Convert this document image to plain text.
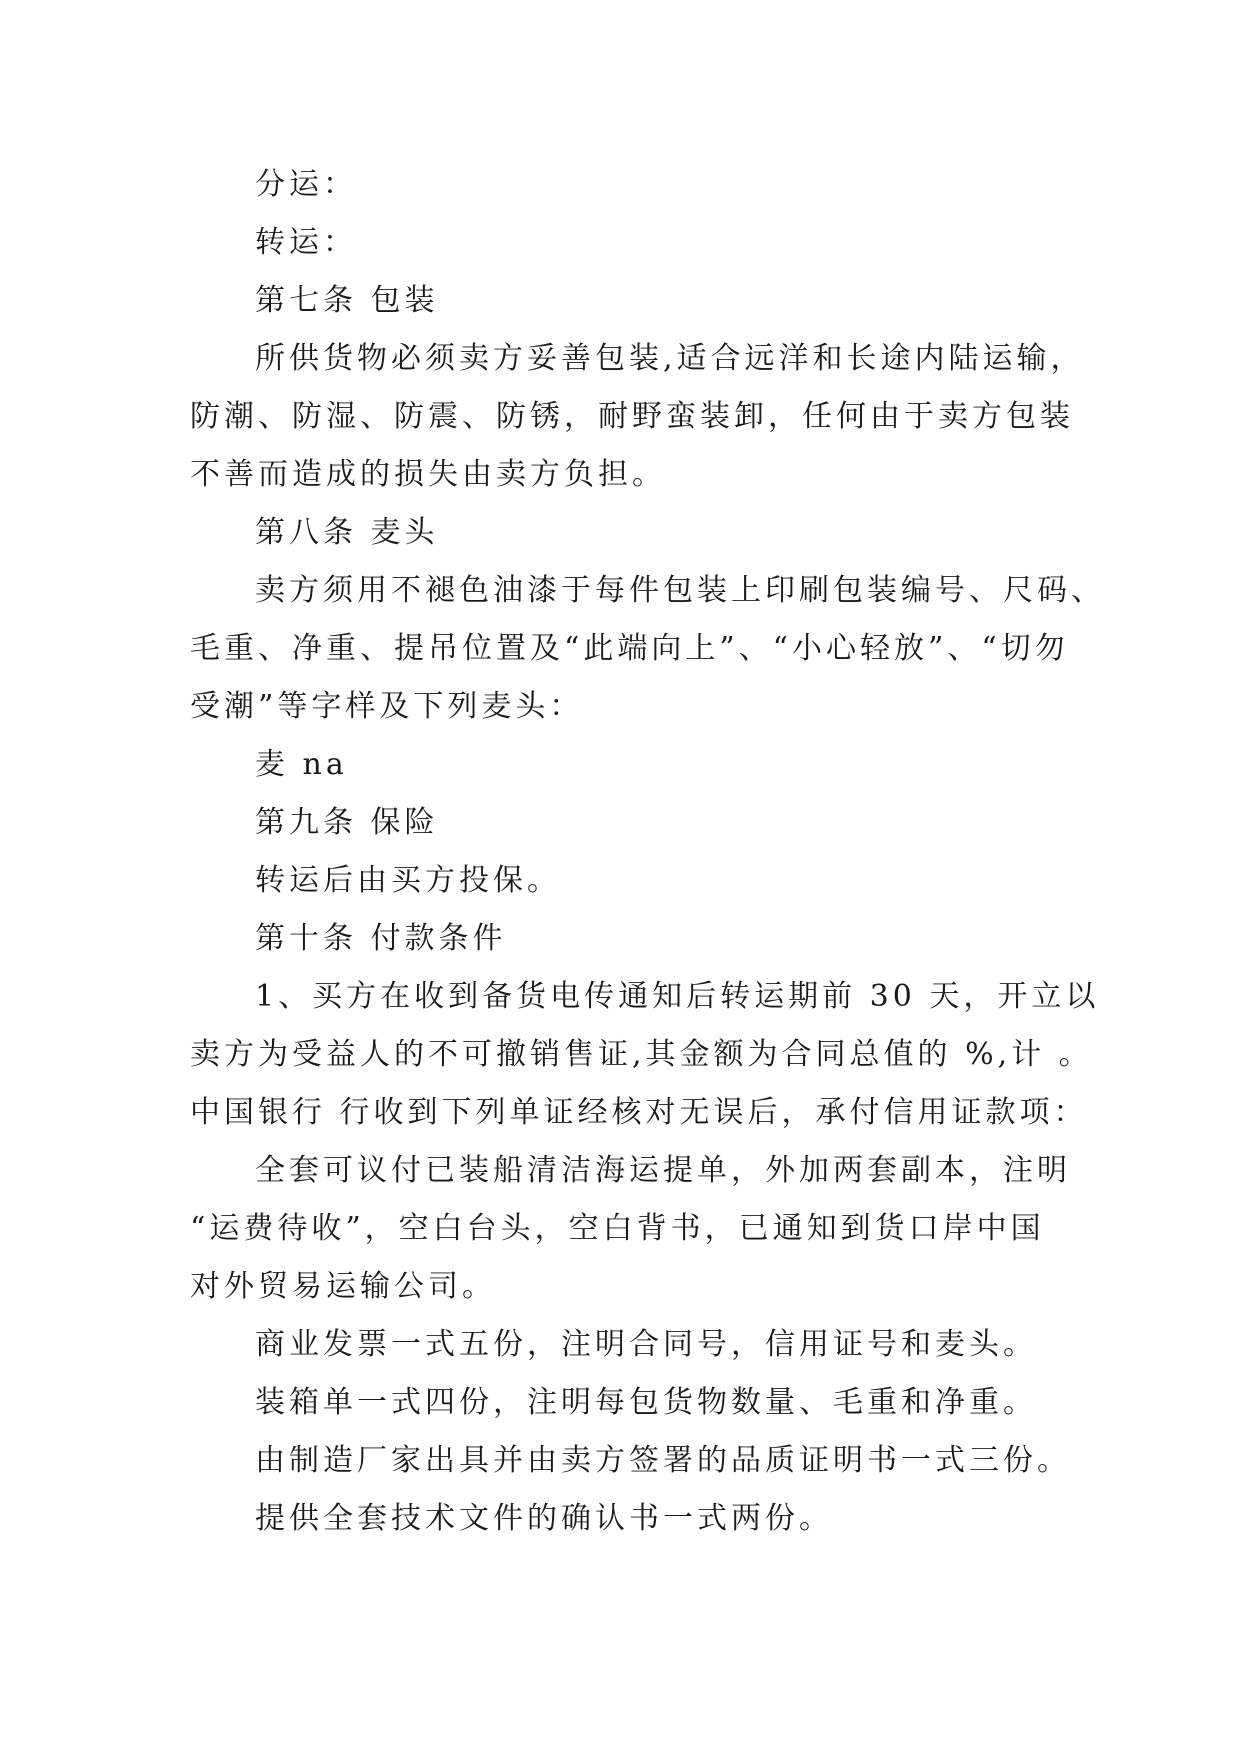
分运：

转运：

第七条 包装

所供货物必须卖方妥善包装,适合远洋和长途内陆运输，

防潮、防湿、防震、防锈，耐野蛮装卸，任何由于卖方包装

不善而造成的损失由卖方负担。

第八条 麦头

卖方须用不褪色油漆于每件包装上印刷包装编号、尺码、

毛重、净重、提吊位置及“此端向上”、“小心轻放”、“切勿

受潮”等字样及下列麦头：

麦 na

第九条 保险

转运后由买方投保。

第十条 付款条件

1、买方在收到备货电传通知后转运期前 30 天，开立以

卖方为受益人的不可撤销售证,其金额为合同总值的 %,计 。

中国银行 行收到下列单证经核对无误后，承付信用证款项：

全套可议付已装船清洁海运提单，外加两套副本，注明

“运费待收”，空白台头，空白背书，已通知到货口岸中国

对外贸易运输公司。

商业发票一式五份，注明合同号，信用证号和麦头。

装箱单一式四份，注明每包货物数量、毛重和净重。

由制造厂家出具并由卖方签署的品质证明书一式三份。

提供全套技术文件的确认书一式两份。
